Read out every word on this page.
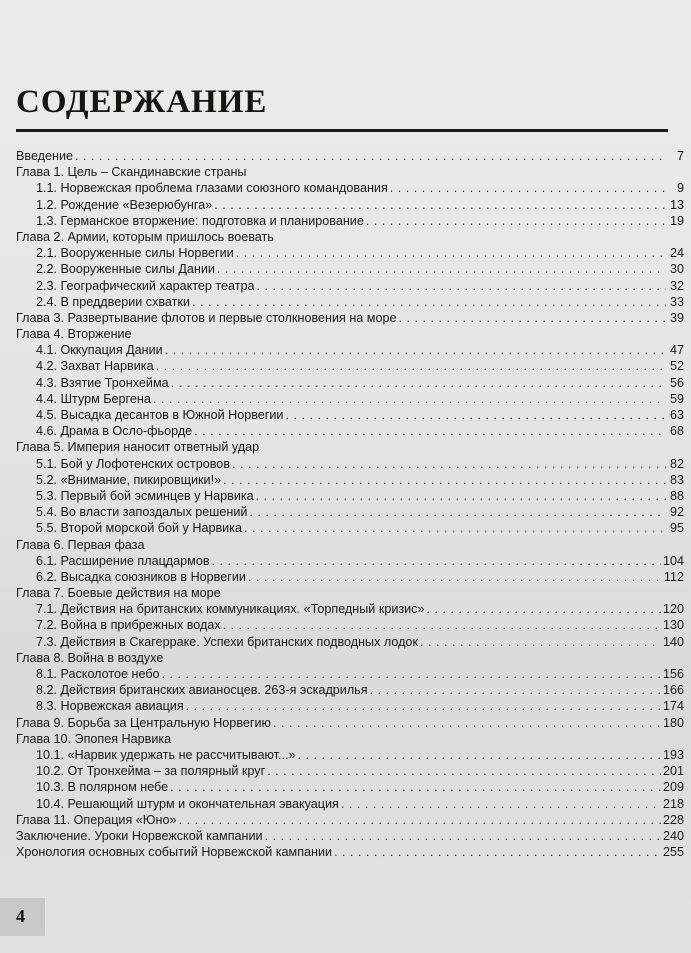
СОДЕРЖАНИЕ
Введение . . .	7
Глава 1. Цель – Скандинавские страны
1.1. Норвежская проблема глазами союзного командования . . .	9
1.2. Рождение «Везерюбунга» . . .	13
1.3. Германское вторжение: подготовка и планирование . . .	19
Глава 2. Армии, которым пришлось воевать
2.1. Вооруженные силы Норвегии . . .	24
2.2. Вооруженные силы Дании . . .	30
2.3. Географический характер театра . . .	32
2.4. В преддверии схватки . . .	33
Глава 3. Развертывание флотов и первые столкновения на море . . .	39
Глава 4. Вторжение
4.1. Оккупация Дании . . .	47
4.2. Захват Нарвика . . .	52
4.3. Взятие Тронхейма . . .	56
4.4. Штурм Бергена . . .	59
4.5. Высадка десантов в Южной Норвегии . . .	63
4.6. Драма в Осло-фьорде . . .	68
Глава 5. Империя наносит ответный удар
5.1. Бой у Лофотенских островов . . .	82
5.2. «Внимание, пикировщики!» . . .	83
5.3. Первый бой эсминцев у Нарвика . . .	88
5.4. Во власти запоздалых решений . . .	92
5.5. Второй морской бой у Нарвика . . .	95
Глава 6. Первая фаза
6.1. Расширение плацдармов . . .	104
6.2. Высадка союзников в Норвегии . . .	112
Глава 7. Боевые действия на море
7.1. Действия на британских коммуникациях. «Торпедный кризис» . . .	120
7.2. Война в прибрежных водах . . .	130
7.3. Действия в Скагерраке. Успехи британских подводных лодок . . .	140
Глава 8. Война в воздухе
8.1. Расколотое небо . . .	156
8.2. Действия британских авианосцев. 263-я эскадрилья . . .	166
8.3. Норвежская авиация . . .	174
Глава 9. Борьба за Центральную Норвегию . . .	180
Глава 10. Эпопея Нарвика
10.1. «Нарвик удержать не рассчитывают...» . . .	193
10.2. От Тронхейма – за полярный круг . . .	201
10.3. В полярном небе . . .	209
10.4. Решающий штурм и окончательная эвакуация . . .	218
Глава 11. Операция «Юно» . . .	228
Заключение. Уроки Норвежской кампании . . .	240
Хронология основных событий Норвежской кампании . . .	255
4
